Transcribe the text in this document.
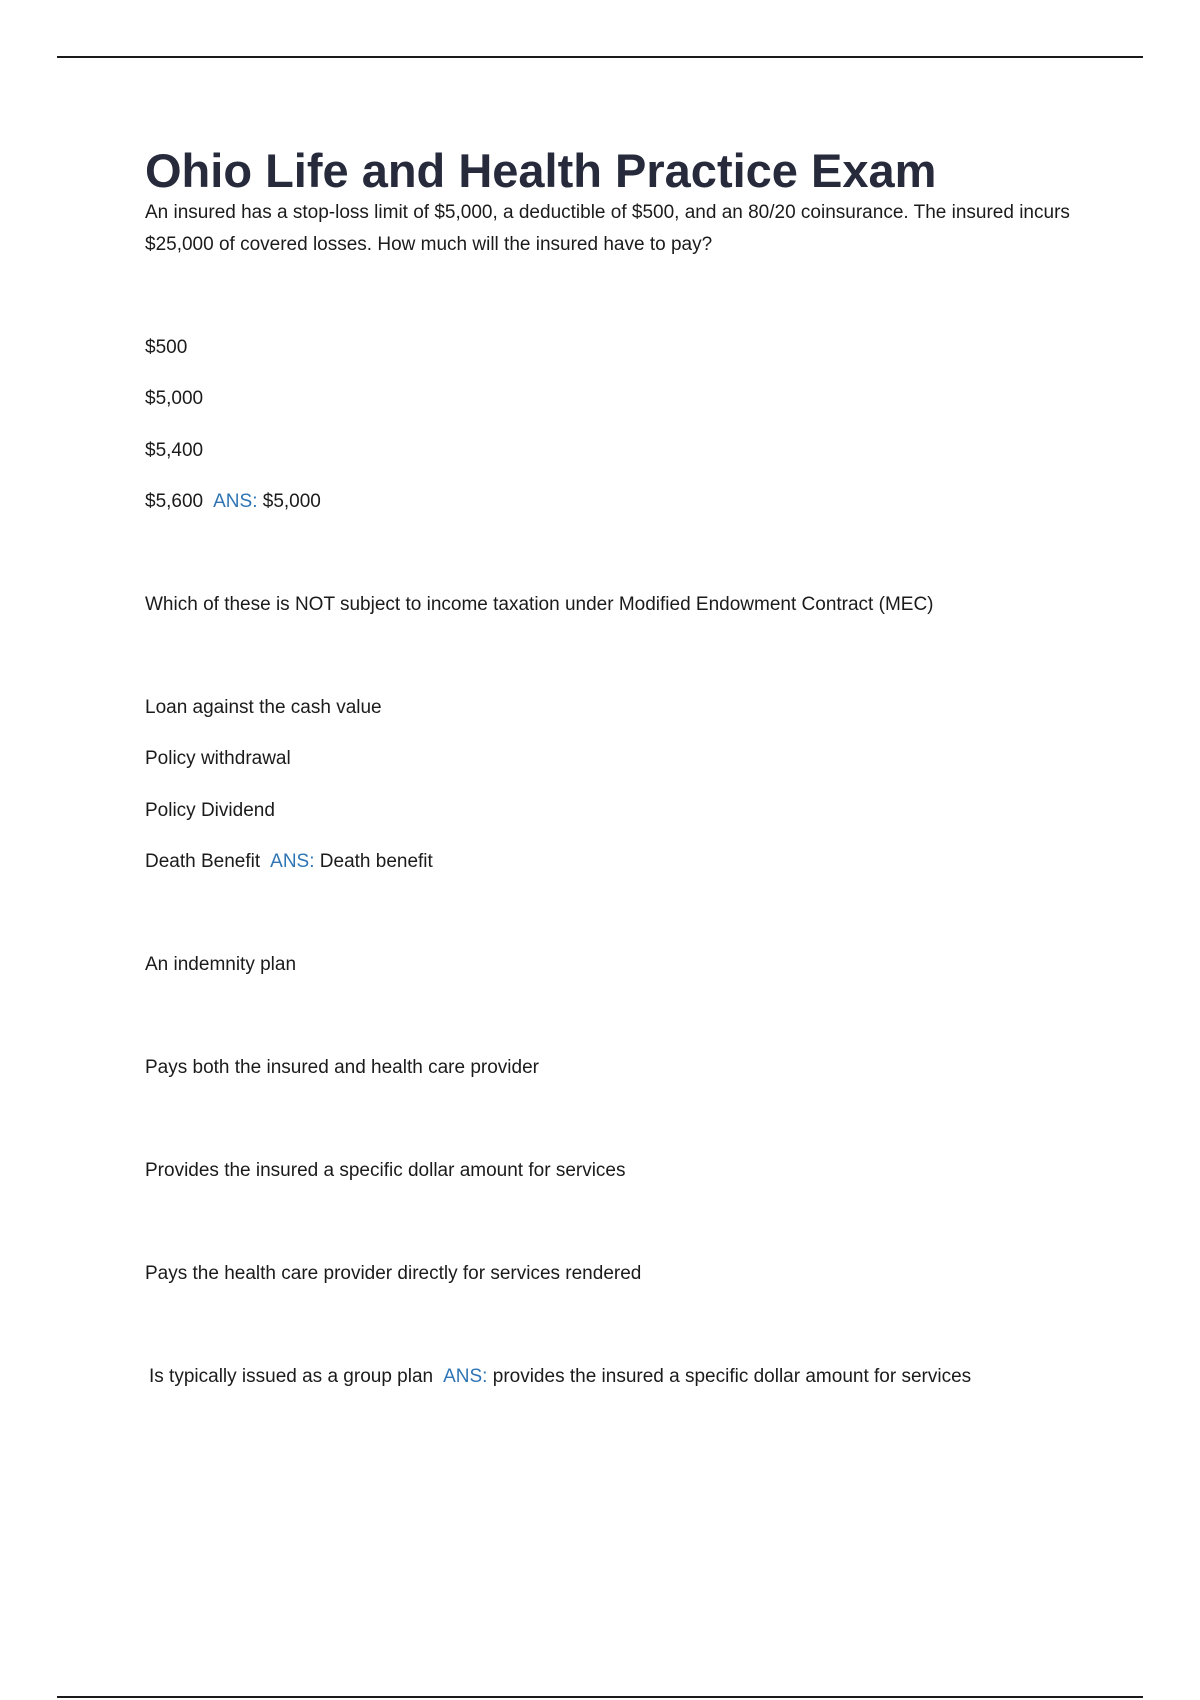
Ohio Life and Health Practice Exam
An insured has a stop-loss limit of $5,000, a deductible of $500, and an 80/20 coinsurance. The insured incurs $25,000 of covered losses. How much will the insured have to pay?
$500
$5,000
$5,400
$5,600 ANS: $5,000
Which of these is NOT subject to income taxation under Modified Endowment Contract (MEC)
Loan against the cash value
Policy withdrawal
Policy Dividend
Death Benefit ANS: Death benefit
An indemnity plan
Pays both the insured and health care provider
Provides the insured a specific dollar amount for services
Pays the health care provider directly for services rendered
Is typically issued as a group plan ANS: provides the insured a specific dollar amount for services
